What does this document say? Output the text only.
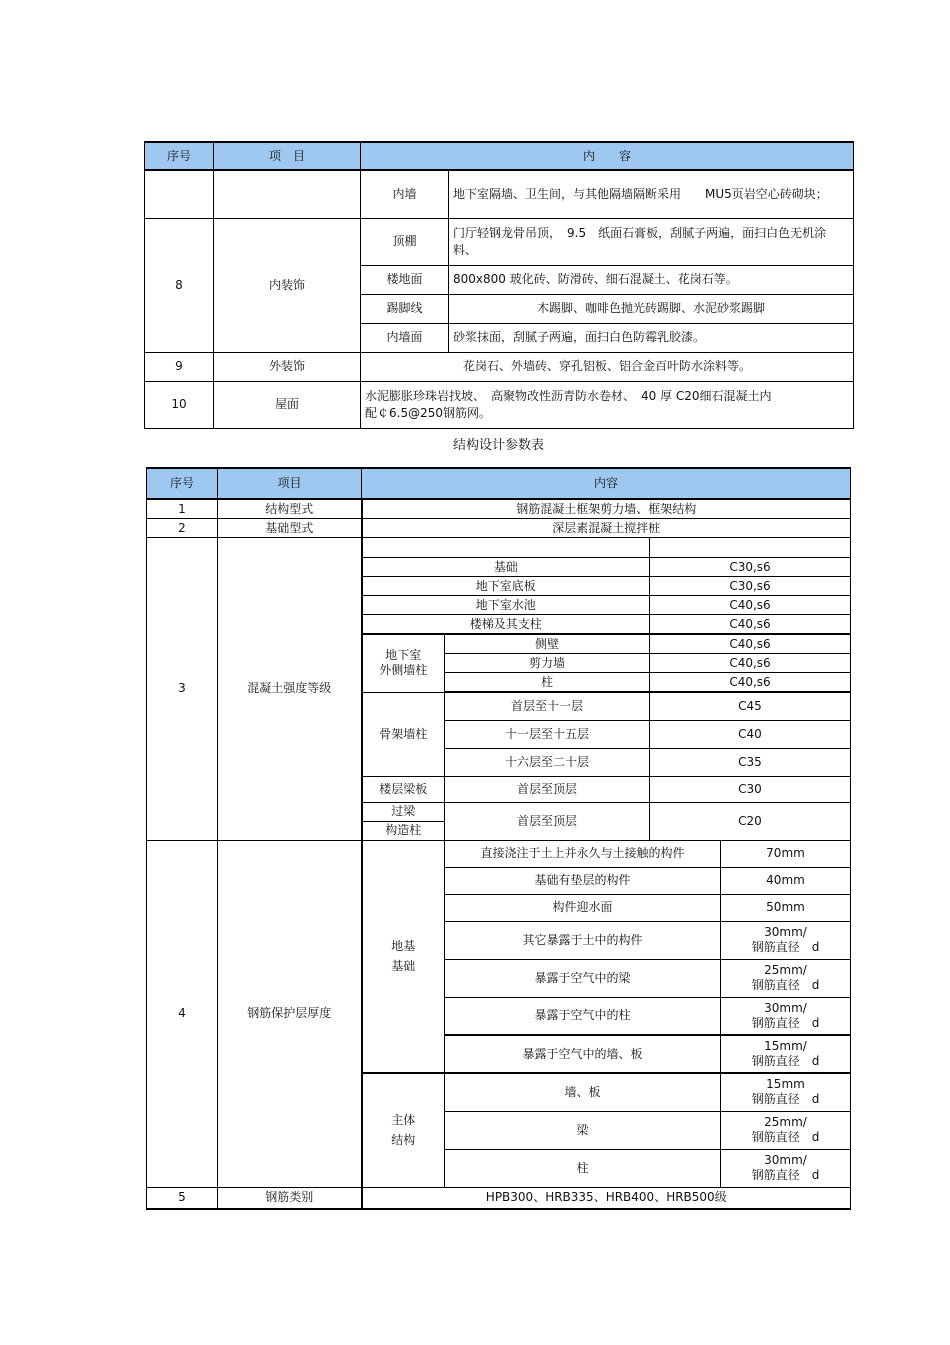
序号	项　目	内　　容	
		内墙	地下室隔墙、卫生间，与其他隔墙隔断采用　　MU5页岩空心砖砌块；
8	内装饰	顶棚	门厅轻钢龙骨吊顶，　9.5　纸面石膏板，刮腻子两遍，面扫白色无机涂料、
		楼地面	800x800 玻化砖、防滑砖、细石混凝土、花岗石等。
		踢脚线	木踢脚、咖啡色抛光砖踢脚、水泥砂浆踢脚
		内墙面	砂浆抹面，刮腻子两遍，面扫白色防霉乳胶漆。
9	外装饰	花岗石、外墙砖、穿孔铝板、铝合金百叶防水涂料等。	
10	屋面	水泥膨胀珍珠岩找坡、　高聚物改性沥青防水卷材、　40 厚 C20细石混凝土内配￠6.5@250钢筋网。	
结构设计参数表
序号	项目	内容			
1	结构型式	钢筋混凝土框架剪力墙、框架结构			
2	基础型式	深层素混凝土搅拌桩			
3	混凝土强度等级				
		基础		C30,s6	
		地下室底板		C30,s6	
		地下室水池		C40,s6	
		楼梯及其支柱		C40,s6	
		地下室
外侧墙柱	侧壁	C40,s6	
			剪力墙	C40,s6	
			柱	C40,s6	
		骨架墙柱	首层至十一层	C45	
			十一层至十五层	C40	
			十六层至二十层	C35	
		楼层梁板	首层至顶层	C30	
		过梁	首层至顶层	C20	
		构造柱			
4	钢筋保护层厚度	地基
基础	直接浇注于土上并永久与土接触的构件		70mm
			基础有垫层的构件		40mm
			构件迎水面		50mm
			其它暴露于土中的构件		30mm/
钢筋直径　d
			暴露于空气中的梁		25mm/
钢筋直径　d
			暴露于空气中的柱		30mm/
钢筋直径　d
			暴露于空气中的墙、板		15mm/
钢筋直径　d
		主体
结构	墙、板		15mm
钢筋直径　d
			梁		25mm/
钢筋直径　d
			柱		30mm/
钢筋直径　d
5	钢筋类别	HPB300、HRB335、HRB400、HRB500级			
